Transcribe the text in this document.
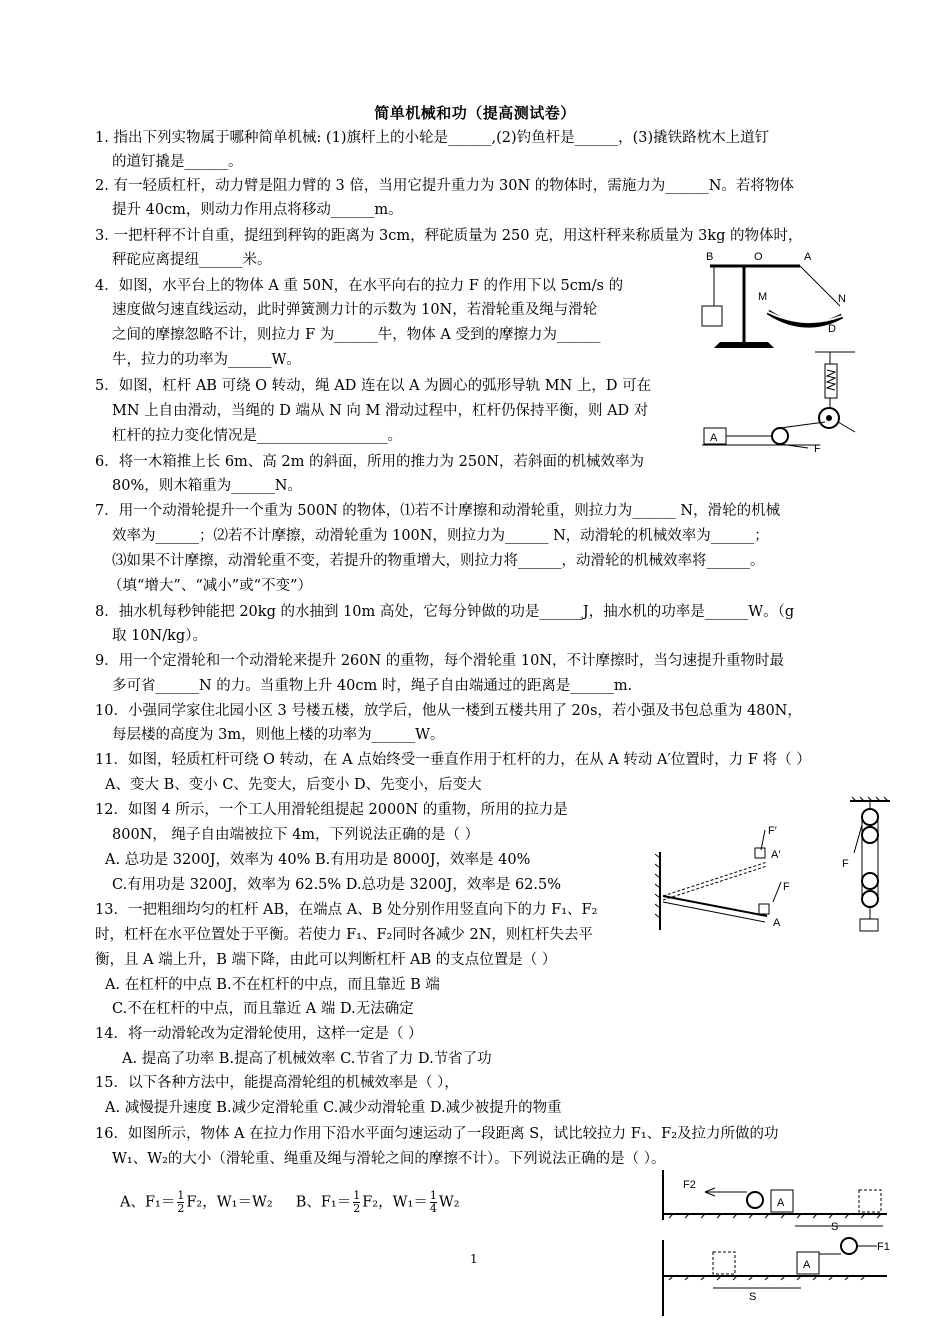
简单机械和功（提高测试卷）
1. 指出下列实物属于哪种简单机械: (1)旗杆上的小轮是______,(2)钓鱼杆是______，(3)撬铁路枕木上道钉
的道钉撬是______。
2. 有一轻质杠杆，动力臂是阻力臂的 3 倍，当用它提升重力为 30N 的物体时，需施力为______N。若将物体
提升 40cm，则动力作用点将移动______m。
3. 一把杆秤不计自重，提纽到秤钩的距离为 3cm，秤砣质量为 250 克，用这杆秤来称质量为 3kg 的物体时，
秤砣应离提纽______米。
4．如图，水平台上的物体 A 重 50N，在水平向右的拉力 F 的作用下以 5cm/s 的
速度做匀速直线运动，此时弹簧测力计的示数为 10N，若滑轮重及绳与滑轮
之间的摩擦忽略不计，则拉力 F 为______牛，物体 A 受到的摩擦力为______
牛，拉力的功率为______W。
5．如图，杠杆 AB 可绕 O 转动，绳 AD 连在以 A 为圆心的弧形导轨 MN 上，D 可在
MN 上自由滑动，当绳的 D 端从 N 向 M 滑动过程中，杠杆仍保持平衡，则 AD 对
杠杆的拉力变化情况是__________________。
6．将一木箱推上长 6m、高 2m 的斜面，所用的推力为 250N，若斜面的机械效率为
80%，则木箱重为______N。
7．用一个动滑轮提升一个重为 500N 的物体，⑴若不计摩擦和动滑轮重，则拉力为______ N，滑轮的机械
效率为______；⑵若不计摩擦，动滑轮重为 100N，则拉力为______ N，动滑轮的机械效率为______；
⑶如果不计摩擦，动滑轮重不变，若提升的物重增大，则拉力将______，动滑轮的机械效率将______。
（填“增大”、“减小”或“不变”）
8．抽水机每秒钟能把 20kg 的水抽到 10m 高处，它每分钟做的功是______J，抽水机的功率是______W。（g
取 10N/kg）。
9．用一个定滑轮和一个动滑轮来提升 260N 的重物，每个滑轮重 10N，不计摩擦时，当匀速提升重物时最
多可省______N 的力。当重物上升 40cm 时，绳子自由端通过的距离是______m.
10．小强同学家住北园小区 3 号楼五楼，放学后，他从一楼到五楼共用了 20s，若小强及书包总重为 480N，
每层楼的高度为 3m，则他上楼的功率为______W。
11．如图，轻质杠杆可绕 O 转动，在 A 点始终受一垂直作用于杠杆的力，在从 A 转动 A′位置时，力 F 将（ ）
A、变大 B、变小 C、先变大，后变小 D、先变小，后变大
12．如图 4 所示，一个工人用滑轮组提起 2000N 的重物，所用的拉力是
800N， 绳子自由端被拉下 4m，下列说法正确的是（ ）
A. 总功是 3200J，效率为 40% B.有用功是 8000J，效率是 40%
C.有用功是 3200J，效率为 62.5% D.总功是 3200J，效率是 62.5%
13．一把粗细均匀的杠杆 AB，在端点 A、B 处分别作用竖直向下的力 F₁、F₂
时，杠杆在水平位置处于平衡。若使力 F₁、F₂同时各减少 2N，则杠杆失去平
衡，且 A 端上升，B 端下降，由此可以判断杠杆 AB 的支点位置是（ ）
A. 在杠杆的中点 B.不在杠杆的中点，而且靠近 B 端
C.不在杠杆的中点，而且靠近 A 端 D.无法确定
14．将一动滑轮改为定滑轮使用，这样一定是（ ）
A. 提高了功率 B.提高了机械效率 C.节省了力 D.节省了功
15．以下各种方法中，能提高滑轮组的机械效率是（ ），
A. 减慢提升速度 B.减少定滑轮重 C.减少动滑轮重 D.减少被提升的物重
16．如图所示，物体 A 在拉力作用下沿水平面匀速运动了一段距离 S，试比较拉力 F₁、F₂及拉力所做的功
W₁、W₂的大小（滑轮重、绳重及绳与滑轮之间的摩擦不计）。下列说法正确的是（ ）。
A、$F_1= \frac{1}{2} F_2$，W₁＝W₂ B、$F_1= \frac{1}{2} F_2$，$W_1= \frac{1}{4} W_2$
B	O	A
M	N
D
A
F
F′
A′
F
A
F
F2
A
S
A
F1
S
1
